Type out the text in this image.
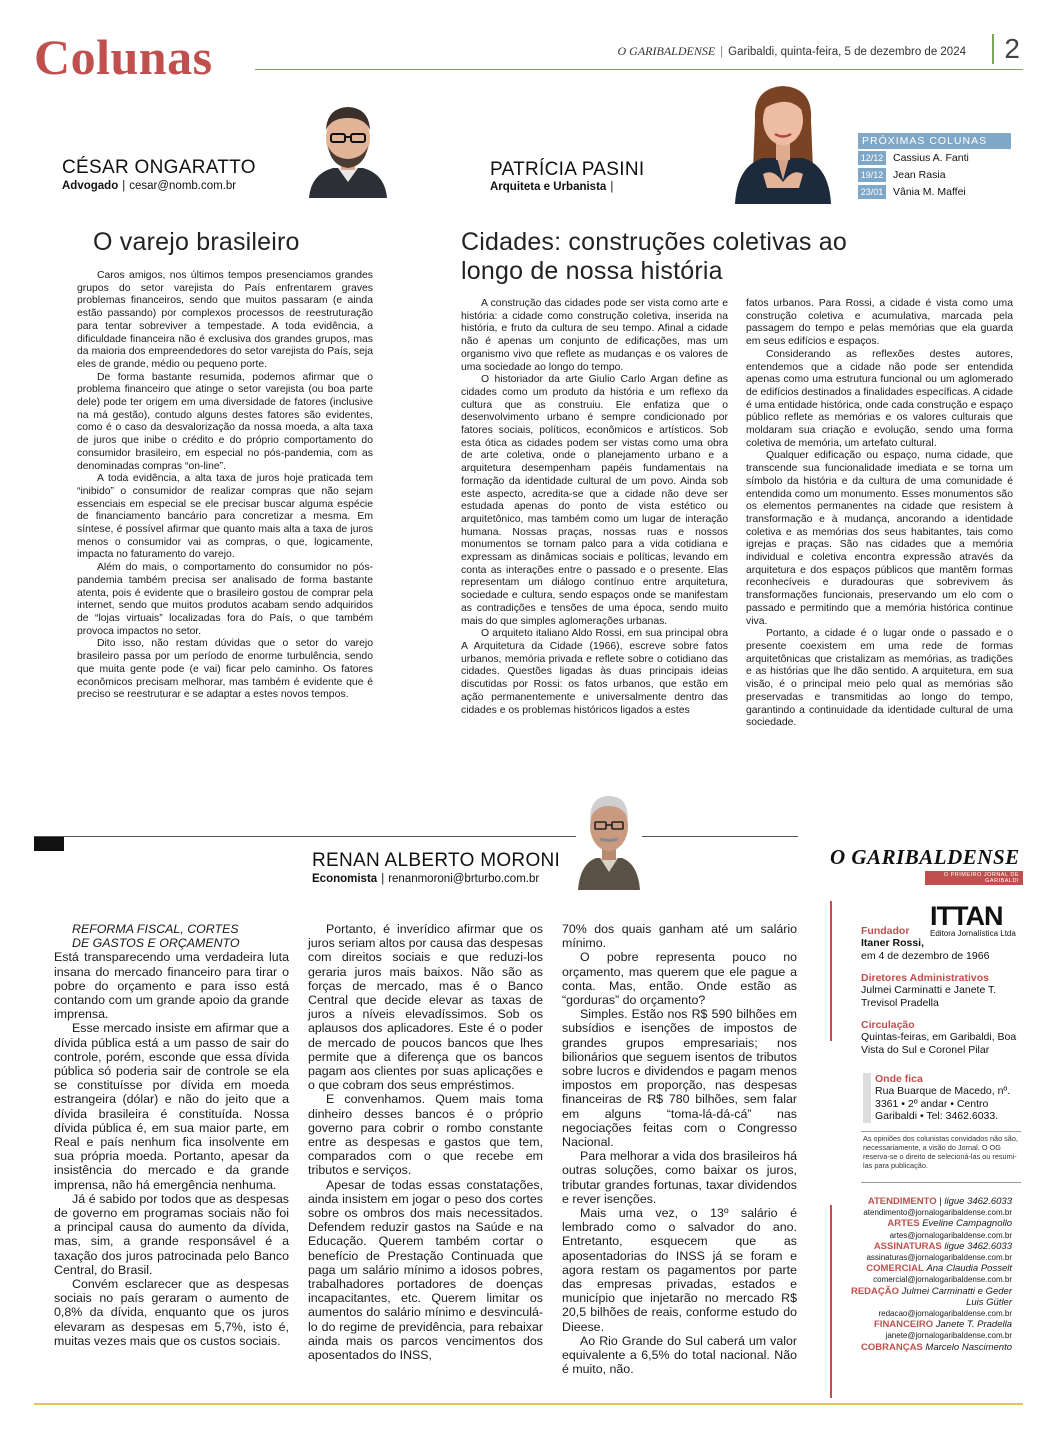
Colunas	O GARIBALDENSE | Garibaldi, quinta-feira, 5 de dezembro de 2024	2
CÉSAR ONGARATTO
Advogado | cesar@nomb.com.br
PATRÍCIA PASINI
Arquiteta e Urbanista |
PRÓXIMAS COLUNAS
12/12 Cassius A. Fanti
19/12 Jean Rasia
23/01 Vânia M. Maffei
O varejo brasileiro

Caros amigos, nos últimos tempos presenciamos grandes grupos do setor varejista do País enfrentarem graves problemas financeiros, sendo que muitos passaram (e ainda estão passando) por complexos processos de reestruturação para tentar sobreviver a tempestade. A toda evidência, a dificuldade financeira não é exclusiva dos grandes grupos, mas da maioria dos empreendedores do setor varejista do País, seja eles de grande, médio ou pequeno porte.

De forma bastante resumida, podemos afirmar que o problema financeiro que atinge o setor varejista (ou boa parte dele) pode ter origem em uma diversidade de fatores (inclusive na má gestão), contudo alguns destes fatores são evidentes, como é o caso da desvalorização da nossa moeda, a alta taxa de juros que inibe o crédito e do próprio comportamento do consumidor brasileiro, em especial no pós-pandemia, com as denominadas compras “on-line”.

A toda evidência, a alta taxa de juros hoje praticada tem “inibido” o consumidor de realizar compras que não sejam essenciais em especial se ele precisar buscar alguma espécie de financiamento bancário para concretizar a mesma. Em síntese, é possível afirmar que quanto mais alta a taxa de juros menos o consumidor vai as compras, o que, logicamente, impacta no faturamento do varejo.

Além do mais, o comportamento do consumidor no pós-pandemia também precisa ser analisado de forma bastante atenta, pois é evidente que o brasileiro gostou de comprar pela internet, sendo que muitos produtos acabam sendo adquiridos de “lojas virtuais” localizadas fora do País, o que também provoca impactos no setor.

Dito isso, não restam dúvidas que o setor do varejo brasileiro passa por um período de enorme turbulência, sendo que muita gente pode (e vai) ficar pelo caminho. Os fatores econômicos precisam melhorar, mas também é evidente que é preciso se reestruturar e se adaptar a estes novos tempos.

Cidades: construções coletivas ao
longo de nossa história

A construção das cidades pode ser vista como arte e história: a cidade como construção coletiva, inserida na história, e fruto da cultura de seu tempo. Afinal a cidade não é apenas um conjunto de edificações, mas um organismo vivo que reflete as mudanças e os valores de uma sociedade ao longo do tempo.

O historiador da arte Giulio Carlo Argan define as cidades como um produto da história e um reflexo da cultura que as construiu. Ele enfatiza que o desenvolvimento urbano é sempre condicionado por fatores sociais, políticos, econômicos e artísticos. Sob esta ótica as cidades podem ser vistas como uma obra de arte coletiva, onde o planejamento urbano e a arquitetura desempenham papéis fundamentais na formação da identidade cultural de um povo. Ainda sob este aspecto, acredita-se que a cidade não deve ser estudada apenas do ponto de vista estético ou arquitetônico, mas também como um lugar de interação humana. Nossas praças, nossas ruas e nossos monumentos se tornam palco para a vida cotidiana e expressam as dinâmicas sociais e políticas, levando em conta as interações entre o passado e o presente. Elas representam um diálogo contínuo entre arquitetura, sociedade e cultura, sendo espaços onde se manifestam as contradições e tensões de uma época, sendo muito mais do que simples aglomerações urbanas.

O arquiteto italiano Aldo Rossi, em sua principal obra A Arquitetura da Cidade (1966), escreve sobre fatos urbanos, memória privada e reflete sobre o cotidiano das cidades. Questões ligadas às duas principais ideias discutidas por Rossi: os fatos urbanos, que estão em ação permanentemente e universalmente dentro das cidades e os problemas históricos ligados a estes

fatos urbanos. Para Rossi, a cidade é vista como uma construção coletiva e acumulativa, marcada pela passagem do tempo e pelas memórias que ela guarda em seus edifícios e espaços.

Considerando as reflexões destes autores, entendemos que a cidade não pode ser entendida apenas como uma estrutura funcional ou um aglomerado de edifícios destinados a finalidades específicas. A cidade é uma entidade histórica, onde cada construção e espaço público reflete as memórias e os valores culturais que moldaram sua criação e evolução, sendo uma forma coletiva de memória, um artefato cultural.

Qualquer edificação ou espaço, numa cidade, que transcende sua funcionalidade imediata e se torna um símbolo da história e da cultura de uma comunidade é entendida como um monumento. Esses monumentos são os elementos permanentes na cidade que resistem à transformação e à mudança, ancorando a identidade coletiva e as memórias dos seus habitantes, tais como igrejas e praças. São nas cidades que a memória individual e coletiva encontra expressão através da arquitetura e dos espaços públicos que mantêm formas reconhecíveis e duradouras que sobrevivem às transformações funcionais, preservando um elo com o passado e permitindo que a memória histórica continue viva.

Portanto, a cidade é o lugar onde o passado e o presente coexistem em uma rede de formas arquitetônicas que cristalizam as memórias, as tradições e as histórias que lhe dão sentido. A arquitetura, em sua visão, é o principal meio pelo qual as memórias são preservadas e transmitidas ao longo do tempo, garantindo a continuidade da identidade cultural de uma sociedade.

RENAN ALBERTO MORONI
Economista | renanmoroni@brturbo.com.br
REFORMA FISCAL, CORTES
DE GASTOS E ORÇAMENTO

Está transparecendo uma verdadeira luta insana do mercado financeiro para tirar o pobre do orçamento e para isso está contando com um grande apoio da grande imprensa.

Esse mercado insiste em afirmar que a dívida pública está a um passo de sair do controle, porém, esconde que essa dívida pública só poderia sair de controle se ela se constituísse por dívida em moeda estrangeira (dólar) e não do jeito que a dívida brasileira é constituída. Nossa dívida pública é, em sua maior parte, em Real e país nenhum fica insolvente em sua própria moeda. Portanto, apesar da insistência do mercado e da grande imprensa, não há emergência nenhuma.

Já é sabido por todos que as despesas de governo em programas sociais não foi a principal causa do aumento da dívida, mas, sim, a grande responsável é a taxação dos juros patrocinada pelo Banco Central, do Brasil.

Convém esclarecer que as despesas sociais no país geraram o aumento de 0,8% da dívida, enquanto que os juros elevaram as despesas em 5,7%, isto é, muitas vezes mais que os custos sociais.

Portanto, é inverídico afirmar que os juros seriam altos por causa das despesas com direitos sociais e que reduzi-los geraria juros mais baixos. Não são as forças de mercado, mas é o Banco Central que decide elevar as taxas de juros a níveis elevadíssimos. Sob os aplausos dos aplicadores. Este é o poder de mercado de poucos bancos que lhes permite que a diferença que os bancos pagam aos clientes por suas aplicações e o que cobram dos seus empréstimos.

E convenhamos. Quem mais toma dinheiro desses bancos é o próprio governo para cobrir o rombo constante entre as despesas e gastos que tem, comparados com o que recebe em tributos e serviços.

Apesar de todas essas constatações, ainda insistem em jogar o peso dos cortes sobre os ombros dos mais necessitados. Defendem reduzir gastos na Saúde e na Educação. Querem também cortar o benefício de Prestação Continuada que paga um salário mínimo a idosos pobres, trabalhadores portadores de doenças incapacitantes, etc. Querem limitar os aumentos do salário mínimo e desvinculá-lo do regime de previdência, para rebaixar ainda mais os parcos vencimentos dos aposentados do INSS,

70% dos quais ganham até um salário mínimo.

O pobre representa pouco no orçamento, mas querem que ele pague a conta. Mas, então. Onde estão as “gorduras” do orçamento?

Simples. Estão nos R$ 590 bilhões em subsídios e isenções de impostos de grandes grupos empresariais; nos bilionários que seguem isentos de tributos sobre lucros e dividendos e pagam menos impostos em proporção, nas despesas financeiras de R$ 780 bilhões, sem falar em alguns “toma-lá-dá-cá” nas negociações feitas com o Congresso Nacional.

Para melhorar a vida dos brasileiros há outras soluções, como baixar os juros, tributar grandes fortunas, taxar dividendos e rever isenções.

Mais uma vez, o 13º salário é lembrado como o salvador do ano. Entretanto, esquecem que as aposentadorias do INSS já se foram e agora restam os pagamentos por parte das empresas privadas, estados e município que injetarão no mercado R$ 20,5 bilhões de reais, conforme estudo do Dieese.

Ao Rio Grande do Sul caberá um valor equivalente a 6,5% do total nacional. Não é muito, não.

O GARIBALDENSE
O PRIMEIRO JORNAL DE GARIBALDI
ITTAN
Editora Jornalística Ltda
Fundador
Itaner Rossi,
em 4 de dezembro de 1966
Diretores Administrativos
Julmei Carminatti e Janete T. Trevisol Pradella
Circulação
Quintas-feiras, em Garibaldi, Boa Vista do Sul e Coronel Pilar
Onde fica
Rua Buarque de Macedo, nº. 3361 • 2º andar • Centro Garibaldi • Tel: 3462.6033.
As opiniões dos colunistas convidados não são, necessariamente, a visão do Jornal. O OG reserva-se o direito de selecioná-las ou resumi-las para publicação.
ATENDIMENTO | ligue 3462.6033
atendimento@jornalogaribaldense.com.br
ARTES Eveline Campagnollo
artes@jornalogaribaldense.com.br
ASSINATURAS ligue 3462.6033
assinaturas@jornalogaribaldense.com.br
COMERCIAL Ana Claudia Posselt
comercial@jornalogaribaldense.com.br
REDAÇÃO Julmei Carminatti e Geder Luis Gütler
redacao@jornalogaribaldense.com.br
FINANCEIRO Janete T. Pradella
janete@jornalogaribaldense.com.br
COBRANÇAS Marcelo Nascimento
